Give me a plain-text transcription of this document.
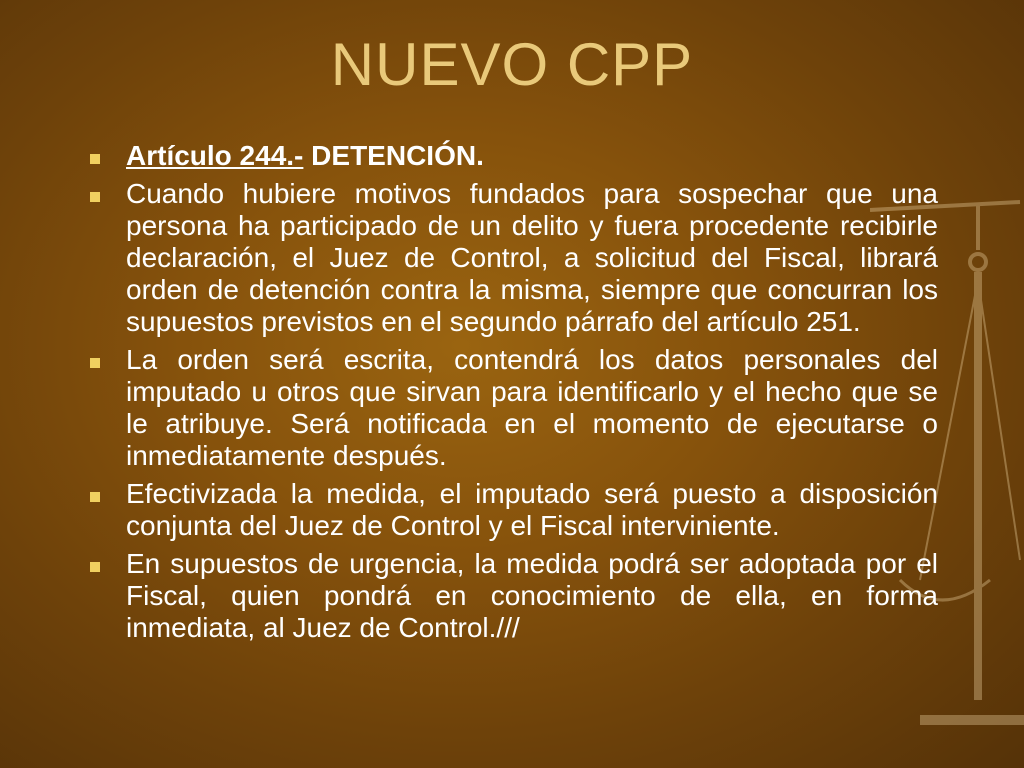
NUEVO CPP
Artículo 244.- DETENCIÓN.
Cuando hubiere motivos fundados para sospechar que una persona ha participado de un delito y fuera procedente recibirle declaración, el Juez de Control, a solicitud del Fiscal, librará orden de detención contra la misma, siempre que concurran los supuestos previstos en el segundo párrafo del artículo 251.
La orden será escrita, contendrá los datos personales del imputado u otros que sirvan para identificarlo y el hecho que se le atribuye. Será notificada en el momento de ejecutarse o inmediatamente después.
Efectivizada la medida, el imputado será puesto a disposición conjunta del Juez de Control y el Fiscal interviniente.
En supuestos de urgencia, la medida podrá ser adoptada por el Fiscal, quien pondrá en conocimiento de ella, en forma inmediata, al Juez de Control.///
